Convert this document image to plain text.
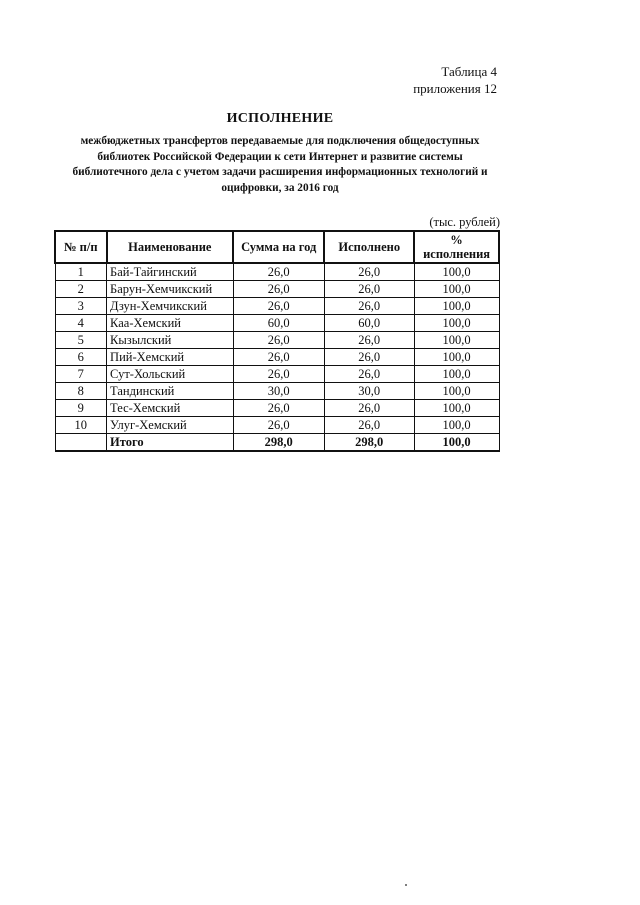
Таблица 4
приложения 12
ИСПОЛНЕНИЕ
межбюджетных трансфертов передаваемые для подключения общедоступных
библиотек Российской Федерации к сети Интернет и развитие системы
библиотечного дела с учетом задачи расширения информационных технологий и
оцифровки, за 2016 год
(тыс. рублей)
№ п/п	Наименование	Сумма на год	Исполнено	%
исполнения

1	Бай-Тайгинский	26,0	26,0	100,0
2	Барун-Хемчикский	26,0	26,0	100,0
3	Дзун-Хемчикский	26,0	26,0	100,0
4	Каа-Хемский	60,0	60,0	100,0
5	Кызылский	26,0	26,0	100,0
6	Пий-Хемский	26,0	26,0	100,0
7	Сут-Хольский	26,0	26,0	100,0
8	Тандинский	30,0	30,0	100,0
9	Тес-Хемский	26,0	26,0	100,0
10	Улуг-Хемский	26,0	26,0	100,0
	Итого	298,0	298,0	100,0
